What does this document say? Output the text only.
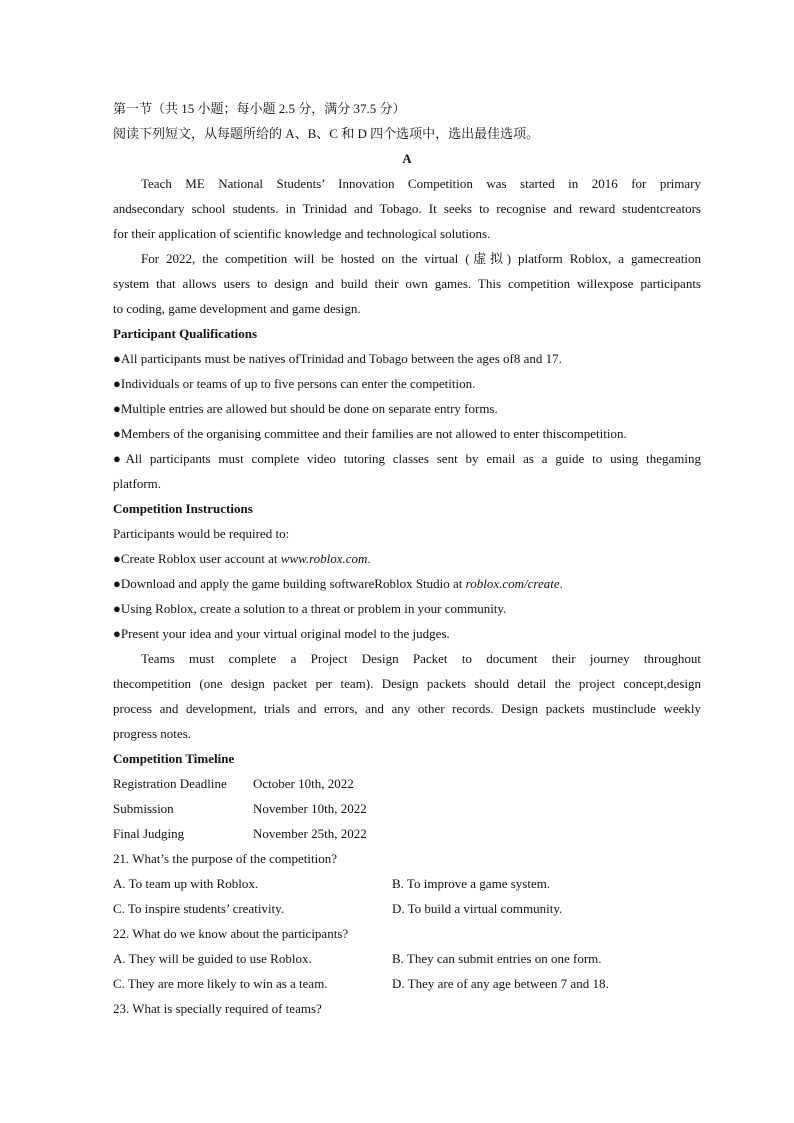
第一节（共 15 小题；每小题 2.5 分，满分 37.5 分）
阅读下列短文，从每题所给的 A、B、C 和 D 四个选项中，选出最佳选项。
A
Teach ME National Students’ Innovation Competition was started in 2016 for primary
andsecondary school students. in Trinidad and Tobago. It seeks to recognise and reward studentcreators
for their application of scientific knowledge and technological solutions.
For 2022, the competition will be hosted on the virtual (虚拟) platform Roblox, a gamecreation
system that allows users to design and build their own games. This competition willexpose participants
to coding, game development and game design.
Participant Qualifications
●All participants must be natives ofTrinidad and Tobago between the ages of8 and 17.
●Individuals or teams of up to five persons can enter the competition.
●Multiple entries are allowed but should be done on separate entry forms.
●Members of the organising committee and their families are not allowed to enter thiscompetition.
●All participants must complete video tutoring classes sent by email as a guide to using thegaming
platform.
Competition Instructions
Participants would be required to:
●Create Roblox user account at www.roblox.com.
●Download and apply the game building softwareRoblox Studio at roblox.com/create.
●Using Roblox, create a solution to a threat or problem in your community.
●Present your idea and your virtual original model to the judges.
Teams must complete a Project Design Packet to document their journey throughout
thecompetition (one design packet per team). Design packets should detail the project concept,design
process and development, trials and errors, and any other records. Design packets mustinclude weekly
progress notes.
Competition Timeline
Registration Deadline	October 10th, 2022
Submission	November 10th, 2022
Final Judging	November 25th, 2022
21. What’s the purpose of the competition?
A. To team up with Roblox.	B. To improve a game system.
C. To inspire students’ creativity.	D. To build a virtual community.
22. What do we know about the participants?
A. They will be guided to use Roblox.	B. They can submit entries on one form.
C. They are more likely to win as a team.	D. They are of any age between 7 and 18.
23. What is specially required of teams?
